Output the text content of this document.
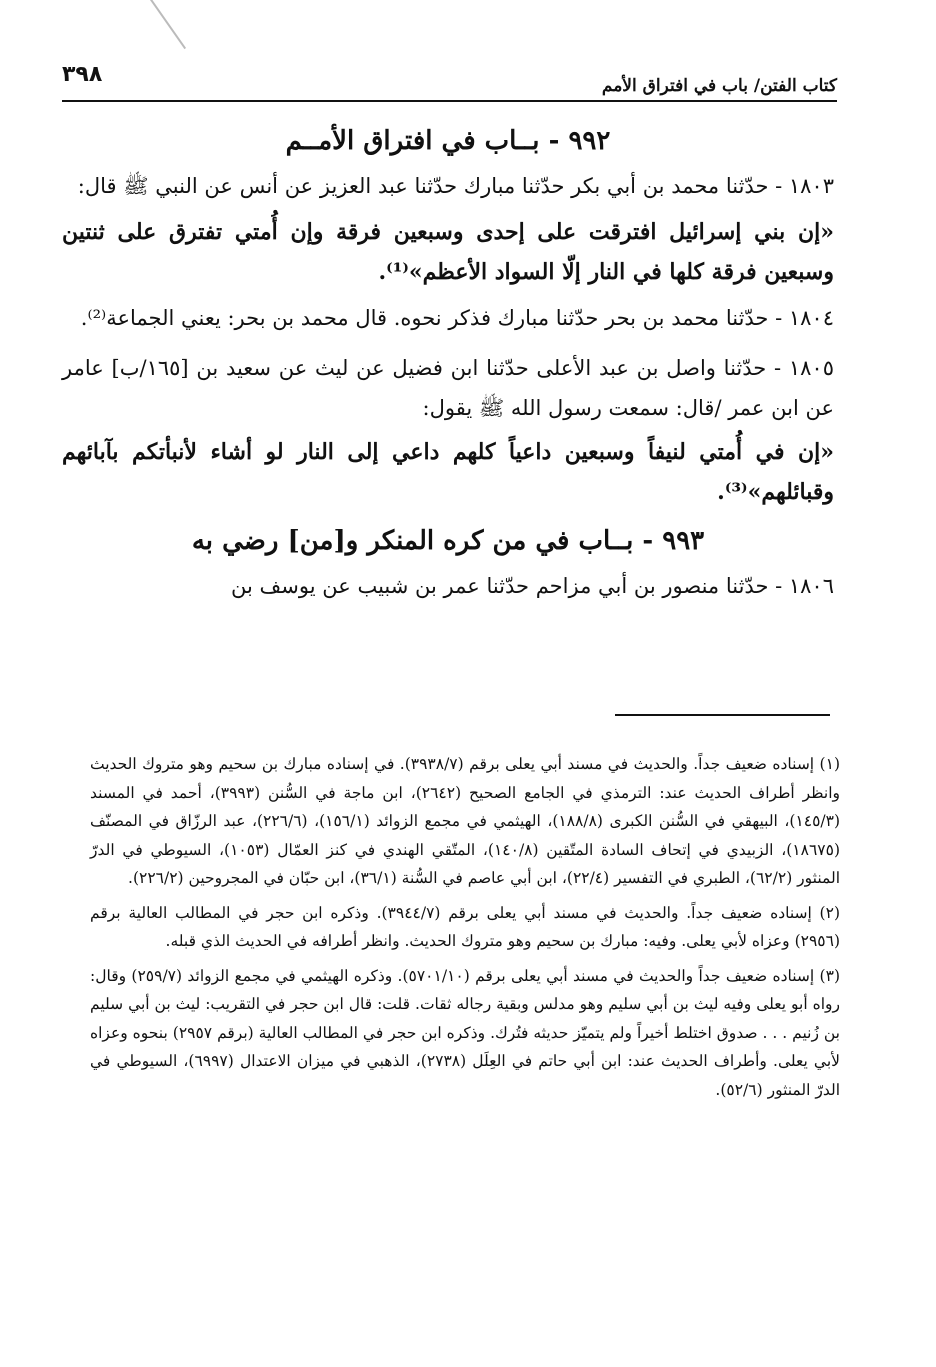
٣٩٨	كتاب الفتن/ باب في افتراق الأمم
٩٩٢ - بــاب في افتراق الأمــم

١٨٠٣ - حدّثنا محمد بن أبي بكر حدّثنا مبارك حدّثنا عبد العزيز عن أنس عن النبي ﷺ قال:

«إن بني إسرائيل افترقت على إحدى وسبعين فرقة وإن أُمتي تفترق على ثنتين وسبعين فرقة كلها في النار إلّا السواد الأعظم»⁽¹⁾.

١٨٠٤ - حدّثنا محمد بن بحر حدّثنا مبارك فذكر نحوه. قال محمد بن بحر: يعني الجماعة⁽²⁾.

١٨٠٥ - حدّثنا واصل بن عبد الأعلى حدّثنا ابن فضيل عن ليث عن سعيد بن [١٦٥/ب] عامر عن ابن عمر /قال: سمعت رسول الله ﷺ يقول:

«إن في أُمتي لنيفاً وسبعين داعياً كلهم داعي إلى النار لو أشاء لأنبأتكم بآبائهم وقبائلهم»⁽³⁾.

٩٩٣ - بــاب في من كره المنكر و[من] رضي به

١٨٠٦ - حدّثنا منصور بن أبي مزاحم حدّثنا عمر بن شبيب عن يوسف بن

(١) إسناده ضعيف جداً. والحديث في مسند أبي يعلى برقم (٣٩٣٨/٧). في إسناده مبارك بن سحيم وهو متروك الحديث وانظر أطراف الحديث عند: الترمذي في الجامع الصحيح (٢٦٤٢)، ابن ماجة في السُّنن (٣٩٩٣)، أحمد في المسند (١٤٥/٣)، البيهقي في السُّنن الكبرى (١٨٨/٨)، الهيثمي في مجمع الزوائد (١٥٦/١)، (٢٢٦/٦)، عبد الرزّاق في المصنّف (١٨٦٧٥)، الزبيدي في إتحاف السادة المتّقين (١٤٠/٨)، المتّقي الهندي في كنز العمّال (١٠٥٣)، السيوطي في الدرّ المنثور (٦٢/٢)، الطبري في التفسير (٢٢/٤)، ابن أبي عاصم في السُّنة (٣٦/١)، ابن حبّان في المجروحين (٢٢٦/٢).

(٢) إسناده ضعيف جداً. والحديث في مسند أبي يعلى برقم (٣٩٤٤/٧). وذكره ابن حجر في المطالب العالية برقم (٢٩٥٦) وعزاه لأبي يعلى. وفيه: مبارك بن سحيم وهو متروك الحديث. وانظر أطرافه في الحديث الذي قبله.

(٣) إسناده ضعيف جداً والحديث في مسند أبي يعلى برقم (٥٧٠١/١٠). وذكره الهيثمي في مجمع الزوائد (٢٥٩/٧) وقال: رواه أبو يعلى وفيه ليث بن أبي سليم وهو مدلس وبقية رجاله ثقات. قلت: قال ابن حجر في التقريب: ليث بن أبي سليم بن زُنيم . . . صدوق اختلط أخيراً ولم يتميّز حديثه فتُرك. وذكره ابن حجر في المطالب العالية (برقم ٢٩٥٧) بنحوه وعزاه لأبي يعلى. وأطراف الحديث عند: ابن أبي حاتم في العِلَل (٢٧٣٨)، الذهبي في ميزان الاعتدال (٦٩٩٧)، السيوطي في الدرّ المنثور (٥٢/٦).
